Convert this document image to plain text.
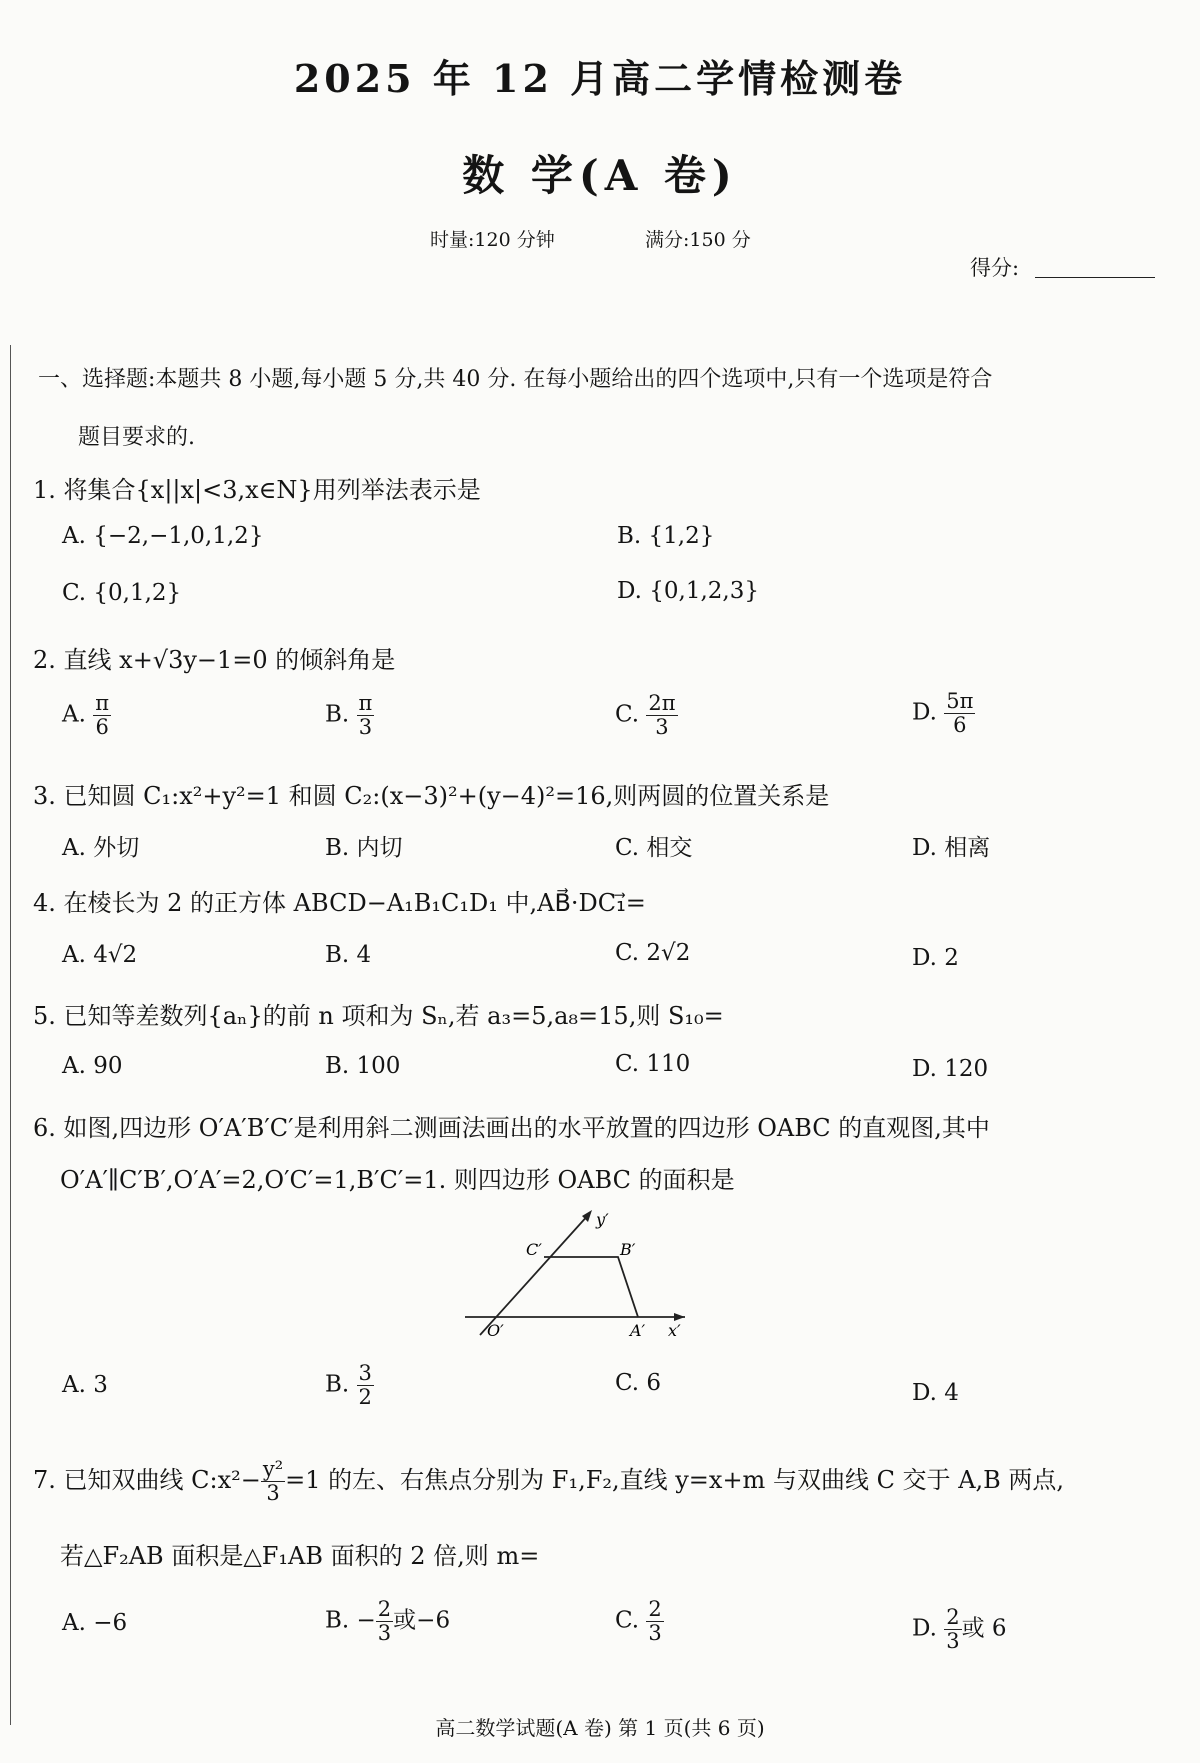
2025 年 12 月高二学情检测卷
数 学(A 卷)
时量:120 分钟	满分:150 分
得分:
一、选择题:本题共 8 小题,每小题 5 分,共 40 分. 在每小题给出的四个选项中,只有一个选项是符合
题目要求的.
1. 将集合{x||x|<3,x∈N}用列举法表示是
A. {−2,−1,0,1,2}	B. {1,2}
C. {0,1,2}	D. {0,1,2,3}
2. 直线 x+√3y−1=0 的倾斜角是
A. $\frac{\pi}{6}$	B. $\frac{\pi}{3}$	C. $\frac{2\pi}{3}$	D. $\frac{5\pi}{6}$
3. 已知圆 C₁:x²+y²=1 和圆 C₂:(x−3)²+(y−4)²=16,则两圆的位置关系是
A. 外切	B. 内切	C. 相交	D. 相离
4. 在棱长为 2 的正方体 ABCD−A₁B₁C₁D₁ 中,AB⃗·DC₁⃗=
A. 4√2	B. 4	C. 2√2	D. 2
5. 已知等差数列{aₙ}的前 n 项和为 Sₙ,若 a₃=5,a₈=15,则 S₁₀=
A. 90	B. 100	C. 110	D. 120
6. 如图,四边形 O′A′B′C′是利用斜二测画法画出的水平放置的四边形 OABC 的直观图,其中
O′A′∥C′B′,O′A′=2,O′C′=1,B′C′=1. 则四边形 OABC 的面积是
y′
C′	B′
O′	A′ x′
A. 3	B. $\frac{3}{2}$	C. 6	D. 4
7. 已知双曲线 C:x²− $\frac{\text{y²}}{3} =1$ 的左、右焦点分别为 F₁,F₂,直线 y=x+m 与双曲线 C 交于 A,B 两点,
若△F₂AB 面积是△F₁AB 面积的 2 倍,则 m=
A. −6	B. − $\frac{2}{3}$ 或−6	C. $\frac{2}{3}$	D. $\frac{2}{3}$ 或 6
高二数学试题(A 卷) 第 1 页(共 6 页)
